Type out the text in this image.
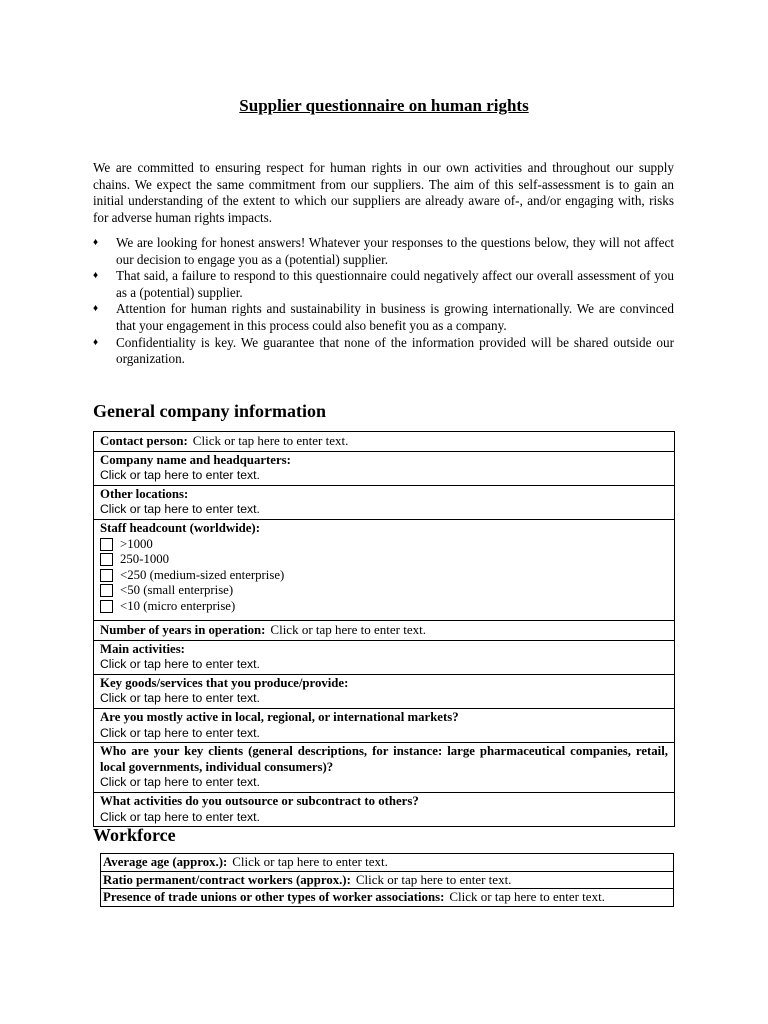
Supplier questionnaire on human rights

We are committed to ensuring respect for human rights in our own activities and throughout our supply chains. We expect the same commitment from our suppliers. The aim of this self-assessment is to gain an initial understanding of the extent to which our suppliers are already aware of-, and/or engaging with, risks for adverse human rights impacts.

♦ We are looking for honest answers! Whatever your responses to the questions below, they will not affect our decision to engage you as a (potential) supplier.
♦ That said, a failure to respond to this questionnaire could negatively affect our overall assessment of you as a (potential) supplier.
♦ Attention for human rights and sustainability in business is growing internationally. We are convinced that your engagement in this process could also benefit you as a company.
♦ Confidentiality is key. We guarantee that none of the information provided will be shared outside our organization.
General company information
Contact person: Click or tap here to enter text.

Company name and headquarters:
Click or tap here to enter text.

Other locations:
Click or tap here to enter text.

Staff headcount (worldwide):
>1000
250-1000
<250 (medium-sized enterprise)
<50 (small enterprise)
<10 (micro enterprise)

Number of years in operation: Click or tap here to enter text.

Main activities:
Click or tap here to enter text.

Key goods/services that you produce/provide:
Click or tap here to enter text.

Are you mostly active in local, regional, or international markets?
Click or tap here to enter text.

Who are your key clients (general descriptions, for instance: large pharmaceutical companies, retail, local governments, individual consumers)?
Click or tap here to enter text.

What activities do you outsource or subcontract to others?
Click or tap here to enter text.
Workforce
Average age (approx.): Click or tap here to enter text.
Ratio permanent/contract workers (approx.): Click or tap here to enter text.
Presence of trade unions or other types of worker associations: Click or tap here to enter text.
